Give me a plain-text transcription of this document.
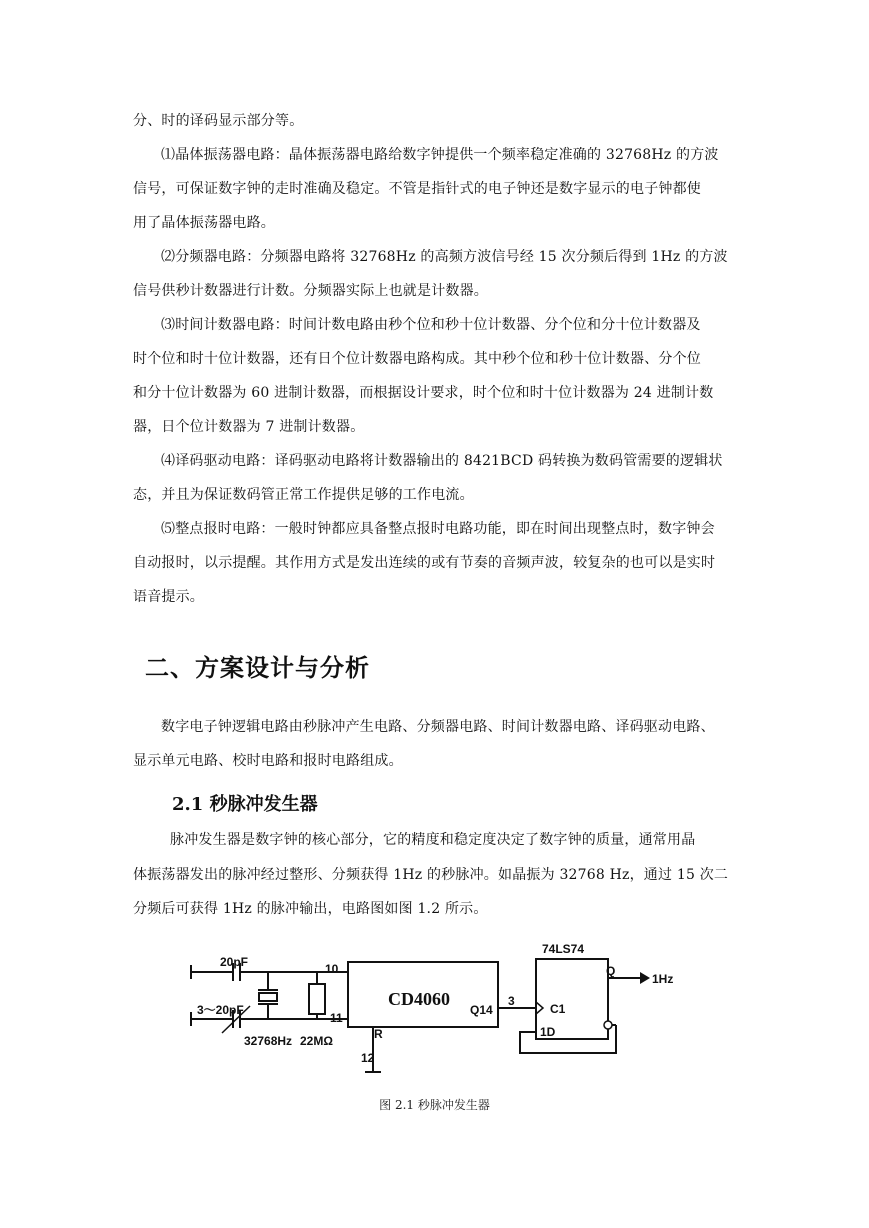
分、时的译码显示部分等。
⑴晶体振荡器电路：晶体振荡器电路给数字钟提供一个频率稳定准确的 32768Hz 的方波
信号，可保证数字钟的走时准确及稳定。不管是指针式的电子钟还是数字显示的电子钟都使
用了晶体振荡器电路。
⑵分频器电路：分频器电路将 32768Hz 的高频方波信号经 15 次分频后得到 1Hz 的方波
信号供秒计数器进行计数。分频器实际上也就是计数器。
⑶时间计数器电路：时间计数电路由秒个位和秒十位计数器、分个位和分十位计数器及
时个位和时十位计数器，还有日个位计数器电路构成。其中秒个位和秒十位计数器、分个位
和分十位计数器为 60 进制计数器，而根据设计要求，时个位和时十位计数器为 24 进制计数
器，日个位计数器为 7 进制计数器。
⑷译码驱动电路：译码驱动电路将计数器输出的 8421BCD 码转换为数码管需要的逻辑状
态，并且为保证数码管正常工作提供足够的工作电流。
⑸整点报时电路：一般时钟都应具备整点报时电路功能，即在时间出现整点时，数字钟会
自动报时，以示提醒。其作用方式是发出连续的或有节奏的音频声波，较复杂的也可以是实时
语音提示。
二、方案设计与分析
数字电子钟逻辑电路由秒脉冲产生电路、分频器电路、时间计数器电路、译码驱动电路、
显示单元电路、校时电路和报时电路组成。
2.1 秒脉冲发生器
脉冲发生器是数字钟的核心部分，它的精度和稳定度决定了数字钟的质量，通常用晶
体振荡器发出的脉冲经过整形、分频获得 1Hz 的秒脉冲。如晶振为 32768 Hz，通过 15 次二
分频后可获得 1Hz 的脉冲输出，电路图如图 1.2 所示。
20pF
3～20pF
32768Hz 22MΩ
CD4060
10
11
12
R
Q14
3
74LS74
Q
C1
1D
1Hz
图 2.1 秒脉冲发生器
